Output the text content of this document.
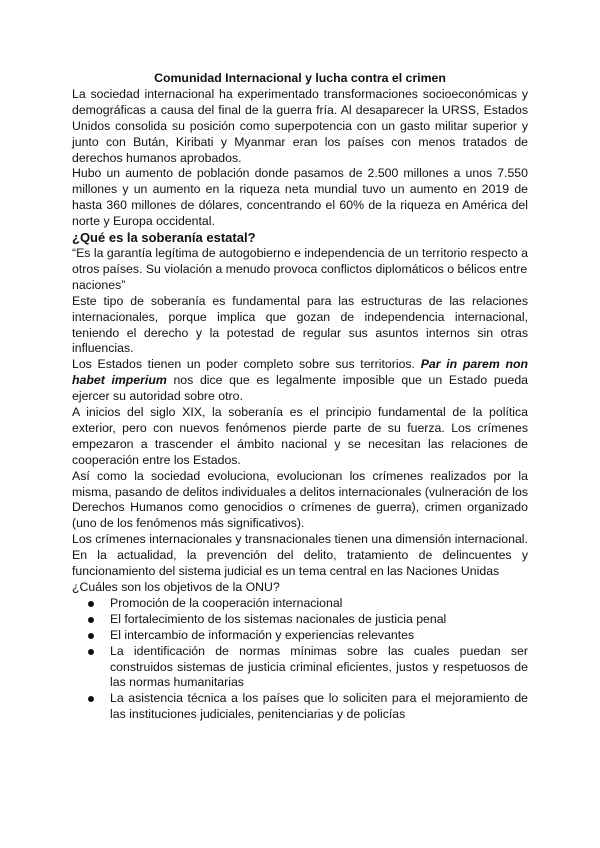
Comunidad Internacional y lucha contra el crimen

La sociedad internacional ha experimentado transformaciones socioeconómicas y demográficas a causa del final de la guerra fría. Al desaparecer la URSS, Estados Unidos consolida su posición como superpotencia con un gasto militar superior y junto con Bután, Kiribati y Myanmar eran los países con menos tratados de derechos humanos aprobados.

Hubo un aumento de población donde pasamos de 2.500 millones a unos 7.550 millones y un aumento en la riqueza neta mundial tuvo un aumento en 2019 de hasta 360 millones de dólares, concentrando el 60% de la riqueza en América del norte y Europa occidental.

¿Qué es la soberanía estatal?

“Es la garantía legítima de autogobierno e independencia de un territorio respecto a otros países. Su violación a menudo provoca conflictos diplomáticos o bélicos entre naciones”

Este tipo de soberanía es fundamental para las estructuras de las relaciones internacionales, porque implica que gozan de independencia internacional, teniendo el derecho y la potestad de regular sus asuntos internos sin otras influencias.

Los Estados tienen un poder completo sobre sus territorios. Par in parem non habet imperium nos dice que es legalmente imposible que un Estado pueda ejercer su autoridad sobre otro.

A inicios del siglo XIX, la soberanía es el principio fundamental de la política exterior, pero con nuevos fenómenos pierde parte de su fuerza. Los crímenes empezaron a trascender el ámbito nacional y se necesitan las relaciones de cooperación entre los Estados.

Así como la sociedad evoluciona, evolucionan los crímenes realizados por la misma, pasando de delitos individuales a delitos internacionales (vulneración de los Derechos Humanos como genocidios o crímenes de guerra), crimen organizado (uno de los fenómenos más significativos).

Los crímenes internacionales y transnacionales tienen una dimensión internacional.

En la actualidad, la prevención del delito, tratamiento de delincuentes y funcionamiento del sistema judicial es un tema central en las Naciones Unidas

¿Cuáles son los objetivos de la ONU?

Promoción de la cooperación internacional
El fortalecimiento de los sistemas nacionales de justicia penal
El intercambio de información y experiencias relevantes
La identificación de normas mínimas sobre las cuales puedan ser construidos sistemas de justicia criminal eficientes, justos y respetuosos de las normas humanitarias
La asistencia técnica a los países que lo soliciten para el mejoramiento de las instituciones judiciales, penitenciarias y de policías
